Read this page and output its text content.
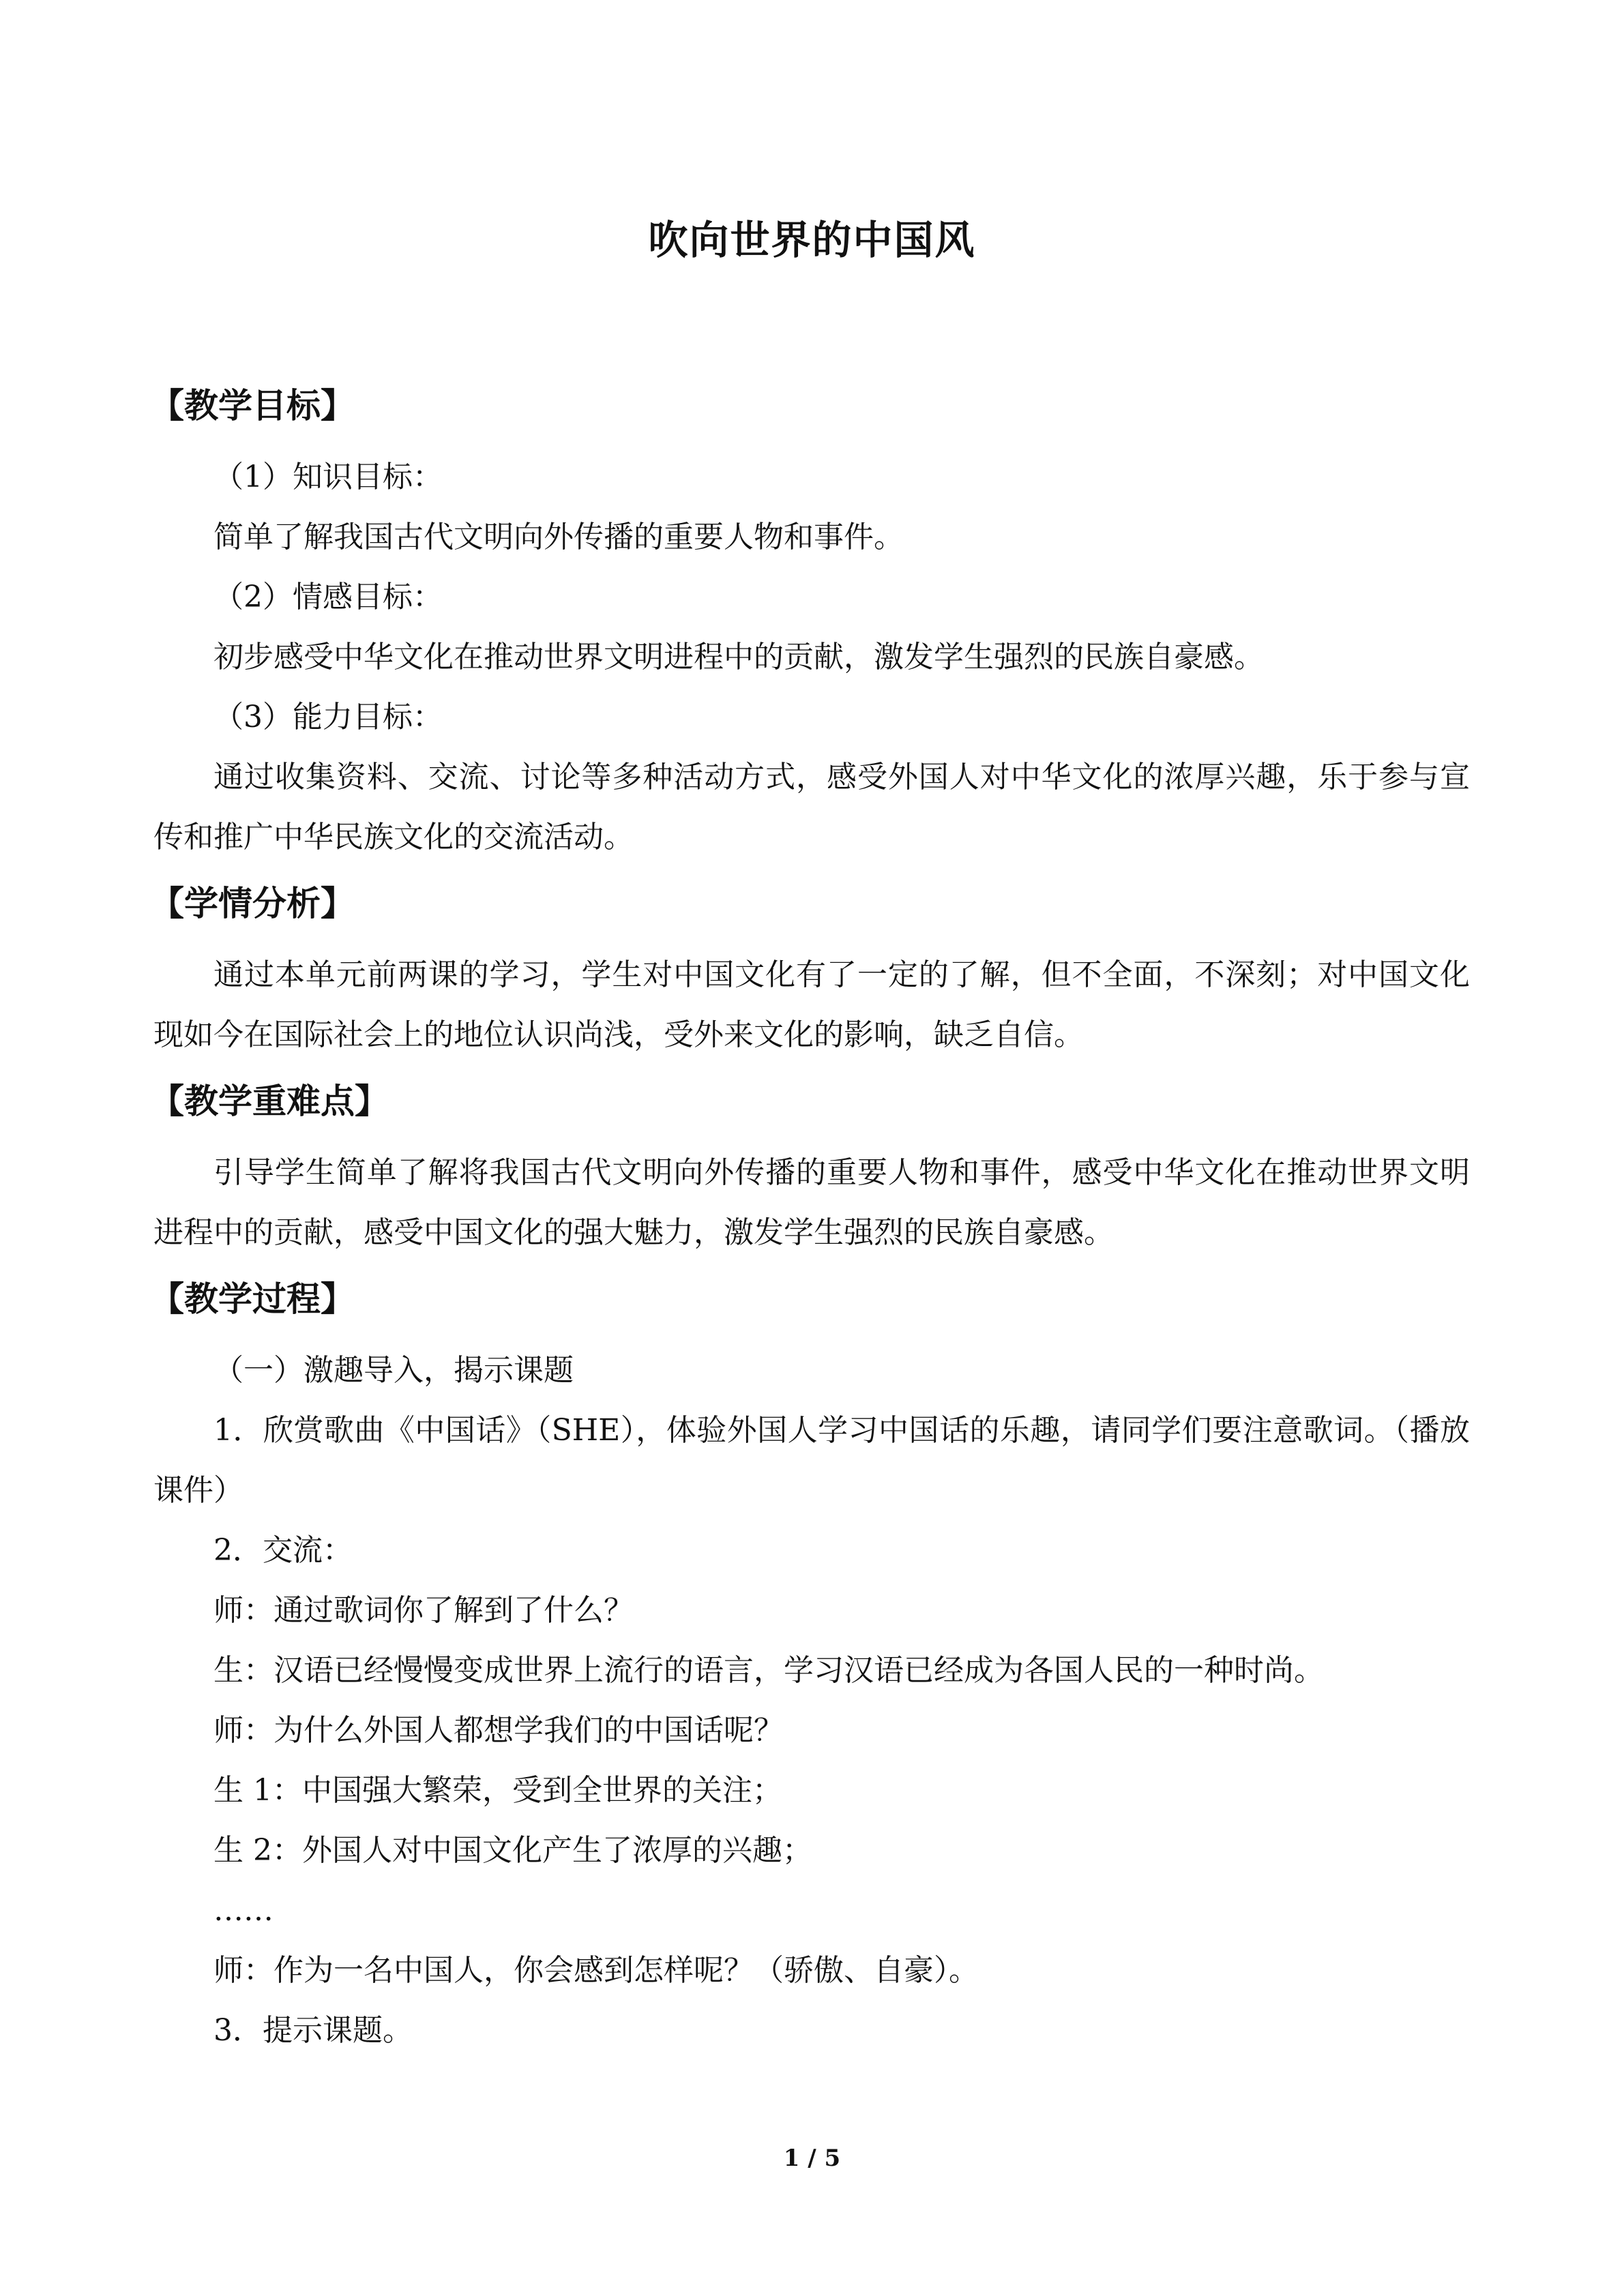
吹向世界的中国风
【教学目标】

（1）知识目标：

简单了解我国古代文明向外传播的重要人物和事件。

（2）情感目标：

初步感受中华文化在推动世界文明进程中的贡献，激发学生强烈的民族自豪感。

（3）能力目标：

通过收集资料、交流、讨论等多种活动方式，感受外国人对中华文化的浓厚兴趣，乐于参与宣传和推广中华民族文化的交流活动。

【学情分析】

通过本单元前两课的学习，学生对中国文化有了一定的了解，但不全面，不深刻；对中国文化现如今在国际社会上的地位认识尚浅，受外来文化的影响，缺乏自信。

【教学重难点】

引导学生简单了解将我国古代文明向外传播的重要人物和事件，感受中华文化在推动世界文明进程中的贡献，感受中国文化的强大魅力，激发学生强烈的民族自豪感。

【教学过程】

（一）激趣导入，揭示课题

1．欣赏歌曲《中国话》（SHE），体验外国人学习中国话的乐趣，请同学们要注意歌词。（播放课件）

2．交流：

师：通过歌词你了解到了什么？

生：汉语已经慢慢变成世界上流行的语言，学习汉语已经成为各国人民的一种时尚。

师：为什么外国人都想学我们的中国话呢？

生 1：中国强大繁荣，受到全世界的关注；

生 2：外国人对中国文化产生了浓厚的兴趣；

……

师：作为一名中国人，你会感到怎样呢？（骄傲、自豪）。

3．提示课题。

1 / 5
